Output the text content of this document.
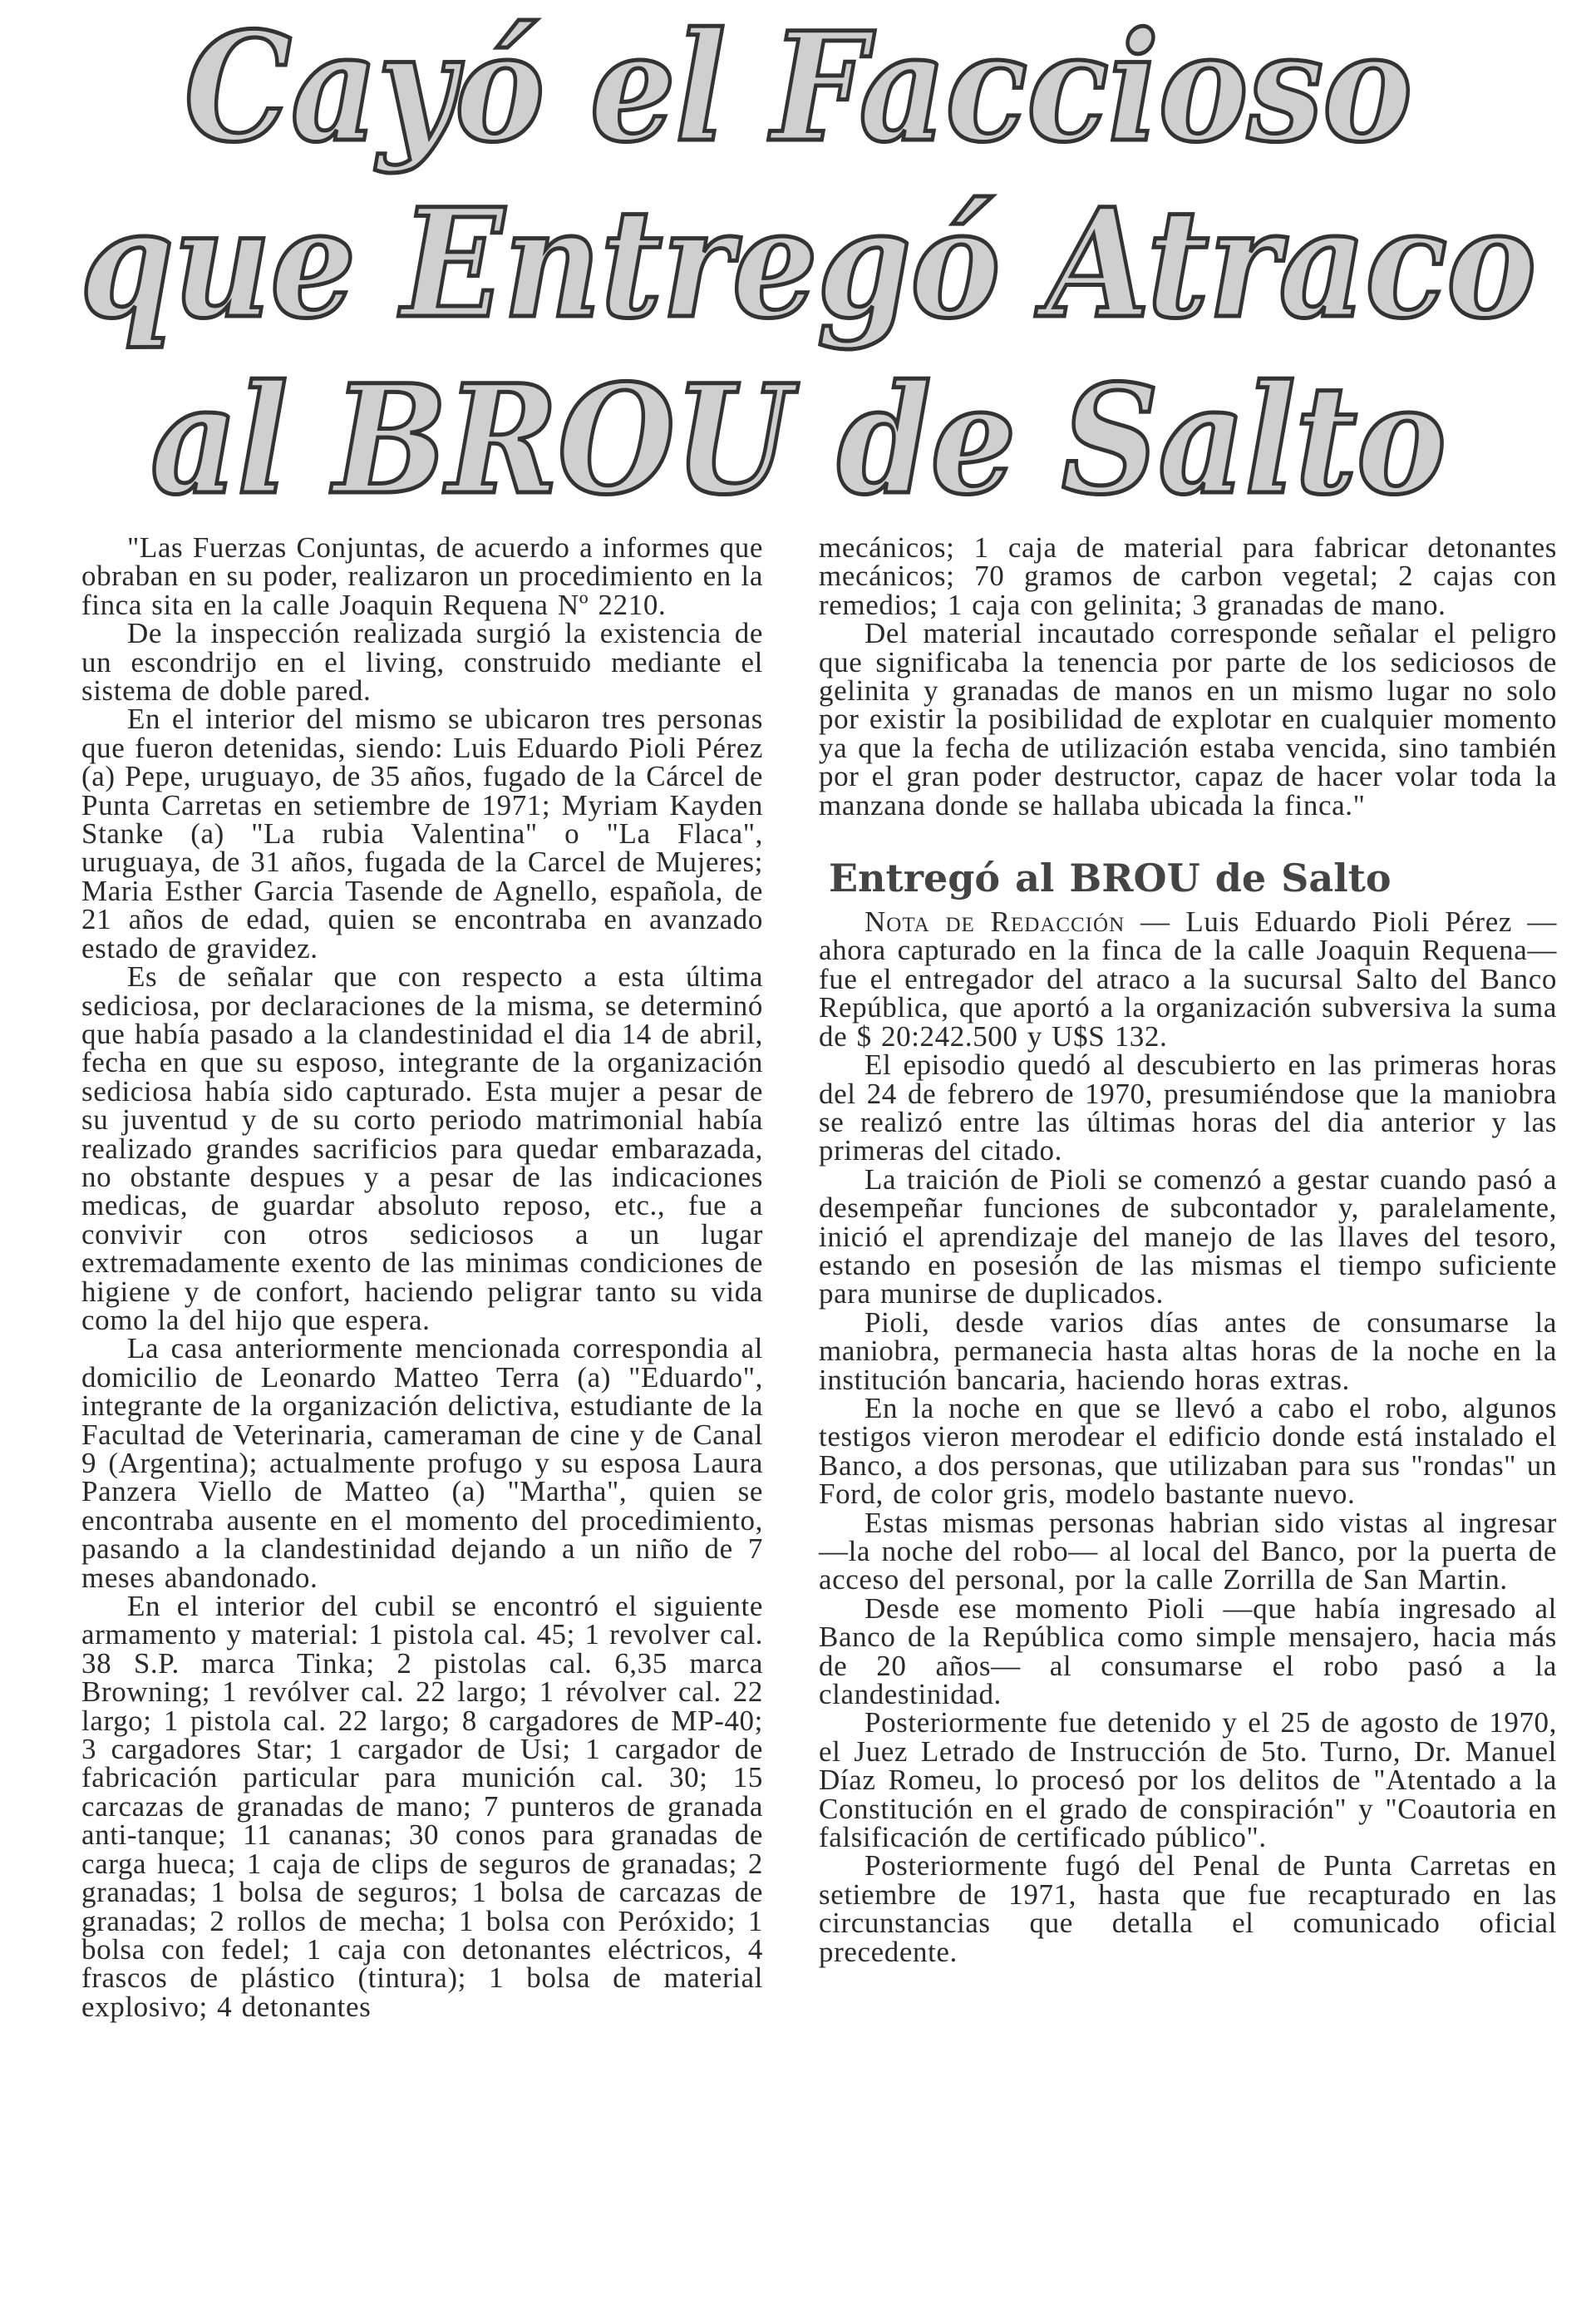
Cayó el Faccioso
que Entregó Atraco
al BROU de Salto

"Las Fuerzas Conjuntas, de acuerdo a informes que obraban en su poder, realizaron un procedimiento en la finca sita en la calle Joaquin Requena Nº 2210.

De la inspección realizada surgió la existencia de un escondrijo en el living, construido mediante el sistema de doble pared.

En el interior del mismo se ubicaron tres personas que fueron detenidas, siendo: Luis Eduardo Pioli Pérez (a) Pepe, uruguayo, de 35 años, fugado de la Cárcel de Punta Carretas en setiembre de 1971; Myriam Kayden Stanke (a) "La rubia Valentina" o "La Flaca", uruguaya, de 31 años, fugada de la Carcel de Mujeres; Maria Esther Garcia Tasende de Agnello, española, de 21 años de edad, quien se encontraba en avanzado estado de gravidez.

Es de señalar que con respecto a esta última sediciosa, por declaraciones de la misma, se determinó que había pasado a la clandestinidad el dia 14 de abril, fecha en que su esposo, integrante de la organización sediciosa había sido capturado. Esta mujer a pesar de su juventud y de su corto periodo matrimonial había realizado grandes sacrificios para quedar embarazada, no obstante despues y a pesar de las indicaciones medicas, de guardar absoluto reposo, etc., fue a convivir con otros sediciosos a un lugar extremadamente exento de las minimas condiciones de higiene y de confort, haciendo peligrar tanto su vida como la del hijo que espera.

La casa anteriormente mencionada correspondia al domicilio de Leonardo Matteo Terra (a) "Eduardo", integrante de la organización delictiva, estudiante de la Facultad de Veterinaria, cameraman de cine y de Canal 9 (Argentina); actualmente profugo y su esposa Laura Panzera Viello de Matteo (a) "Martha", quien se encontraba ausente en el momento del procedimiento, pasando a la clandestinidad dejando a un niño de 7 meses abandonado.

En el interior del cubil se encontró el siguiente armamento y material: 1 pistola cal. 45; 1 revolver cal. 38 S.P. marca Tinka; 2 pistolas cal. 6,35 marca Browning; 1 revólver cal. 22 largo; 1 révolver cal. 22 largo; 1 pistola cal. 22 largo; 8 cargadores de MP-40; 3 cargadores Star; 1 cargador de Usi; 1 cargador de fabricación particular para munición cal. 30; 15 carcazas de granadas de mano; 7 punteros de granada anti-tanque; 11 cananas; 30 conos para granadas de carga hueca; 1 caja de clips de seguros de granadas; 2 granadas; 1 bolsa de seguros; 1 bolsa de carcazas de granadas; 2 rollos de mecha; 1 bolsa con Peróxido; 1 bolsa con fedel; 1 caja con detonantes eléctricos, 4 frascos de plástico (tintura); 1 bolsa de material explosivo; 4 detonantes

mecánicos; 1 caja de material para fabricar detonantes mecánicos; 70 gramos de carbon vegetal; 2 cajas con remedios; 1 caja con gelinita; 3 granadas de mano.

Del material incautado corresponde señalar el peligro que significaba la tenencia por parte de los sediciosos de gelinita y granadas de manos en un mismo lugar no solo por existir la posibilidad de explotar en cualquier momento ya que la fecha de utilización estaba vencida, sino también por el gran poder destructor, capaz de hacer volar toda la manzana donde se hallaba ubicada la finca."

Entregó al BROU de Salto

Nota de Redacción — Luis Eduardo Pioli Pérez —ahora capturado en la finca de la calle Joaquin Requena— fue el entregador del atraco a la sucursal Salto del Banco República, que aportó a la organización subversiva la suma de $ 20:242.500 y U$S 132.

El episodio quedó al descubierto en las primeras horas del 24 de febrero de 1970, presumiéndose que la maniobra se realizó entre las últimas horas del dia anterior y las primeras del citado.

La traición de Pioli se comenzó a gestar cuando pasó a desempeñar funciones de subcontador y, paralelamente, inició el aprendizaje del manejo de las llaves del tesoro, estando en posesión de las mismas el tiempo suficiente para munirse de duplicados.

Pioli, desde varios días antes de consumarse la maniobra, permanecia hasta altas horas de la noche en la institución bancaria, haciendo horas extras.

En la noche en que se llevó a cabo el robo, algunos testigos vieron merodear el edificio donde está instalado el Banco, a dos personas, que utilizaban para sus "rondas" un Ford, de color gris, modelo bastante nuevo.

Estas mismas personas habrian sido vistas al ingresar —la noche del robo— al local del Banco, por la puerta de acceso del personal, por la calle Zorrilla de San Martin.

Desde ese momento Pioli —que había ingresado al Banco de la República como simple mensajero, hacia más de 20 años— al consumarse el robo pasó a la clandestinidad.

Posteriormente fue detenido y el 25 de agosto de 1970, el Juez Letrado de Instrucción de 5to. Turno, Dr. Manuel Díaz Romeu, lo procesó por los delitos de "Atentado a la Constitución en el grado de conspiración" y "Coautoria en falsificación de certificado público".

Posteriormente fugó del Penal de Punta Carretas en setiembre de 1971, hasta que fue recapturado en las circunstancias que detalla el comunicado oficial precedente.
